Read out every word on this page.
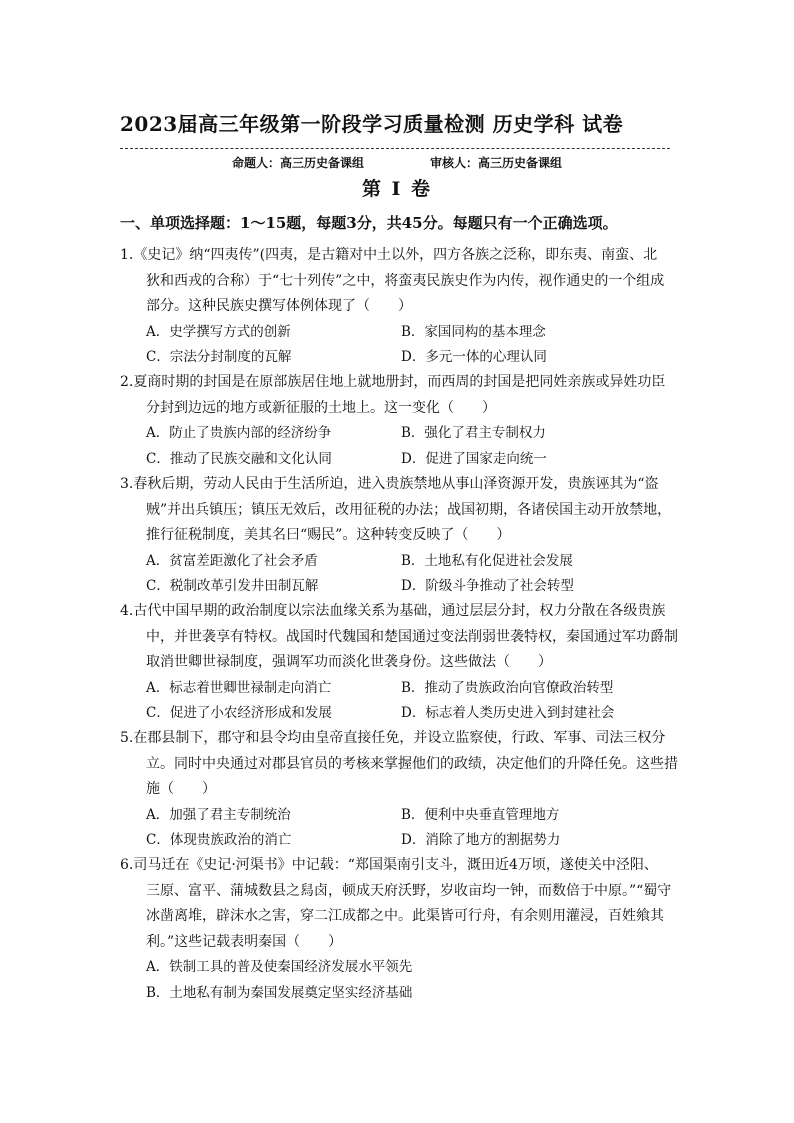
2023届高三年级第一阶段学习质量检测 历史学科 试卷
命题人：高三历史备课组	审核人：高三历史备课组
第 Ⅰ 卷
一、单项选择题：1～15题，每题3分，共45分。每题只有一个正确选项。
1.《史记》纳“四夷传”(四夷，是古籍对中土以外，四方各族之泛称，即东夷、南蛮、北
狄和西戎的合称）于“七十列传”之中，将蛮夷民族史作为内传，视作通史的一个组成
部分。这种民族史撰写体例体现了（　　）
A．史学撰写方式的创新	B．家国同构的基本理念
C．宗法分封制度的瓦解	D．多元一体的心理认同
2.夏商时期的封国是在原部族居住地上就地册封，而西周的封国是把同姓亲族或异姓功臣
分封到边远的地方或新征服的土地上。这一变化（　　）
A．防止了贵族内部的经济纷争	B．强化了君主专制权力
C．推动了民族交融和文化认同	D．促进了国家走向统一
3.春秋后期，劳动人民由于生活所迫，进入贵族禁地从事山泽资源开发，贵族诬其为“盗
贼”并出兵镇压；镇压无效后，改用征税的办法；战国初期，各诸侯国主动开放禁地，
推行征税制度，美其名曰“赐民”。这种转变反映了（　　）
A．贫富差距激化了社会矛盾	B．土地私有化促进社会发展
C．税制改革引发井田制瓦解	D．阶级斗争推动了社会转型
4.古代中国早期的政治制度以宗法血缘关系为基础，通过层层分封，权力分散在各级贵族
中，并世袭享有特权。战国时代魏国和楚国通过变法削弱世袭特权，秦国通过军功爵制
取消世卿世禄制度，强调军功而淡化世袭身份。这些做法（　　）
A．标志着世卿世禄制走向消亡	B．推动了贵族政治向官僚政治转型
C．促进了小农经济形成和发展	D．标志着人类历史进入到封建社会
5.在郡县制下，郡守和县令均由皇帝直接任免，并设立监察使，行政、军事、司法三权分
立。同时中央通过对郡县官员的考核来掌握他们的政绩，决定他们的升降任免。这些措
施（　　）
A．加强了君主专制统治	B．便利中央垂直管理地方
C．体现贵族政治的消亡	D．消除了地方的割据势力
6.司马迁在《史记·河渠书》中记载：“郑国渠南引支斗，溉田近4万顷，遂使关中泾阳、
三原、富平、蒲城数县之舄卤，顿成天府沃野，岁收亩均一钟，而数倍于中原。”“蜀守
冰凿离堆，辟沫水之害，穿二江成都之中。此渠皆可行舟，有余则用灌浸，百姓飨其
利。”这些记载表明秦国（　　）
A．铁制工具的普及使秦国经济发展水平领先
B．土地私有制为秦国发展奠定坚实经济基础
